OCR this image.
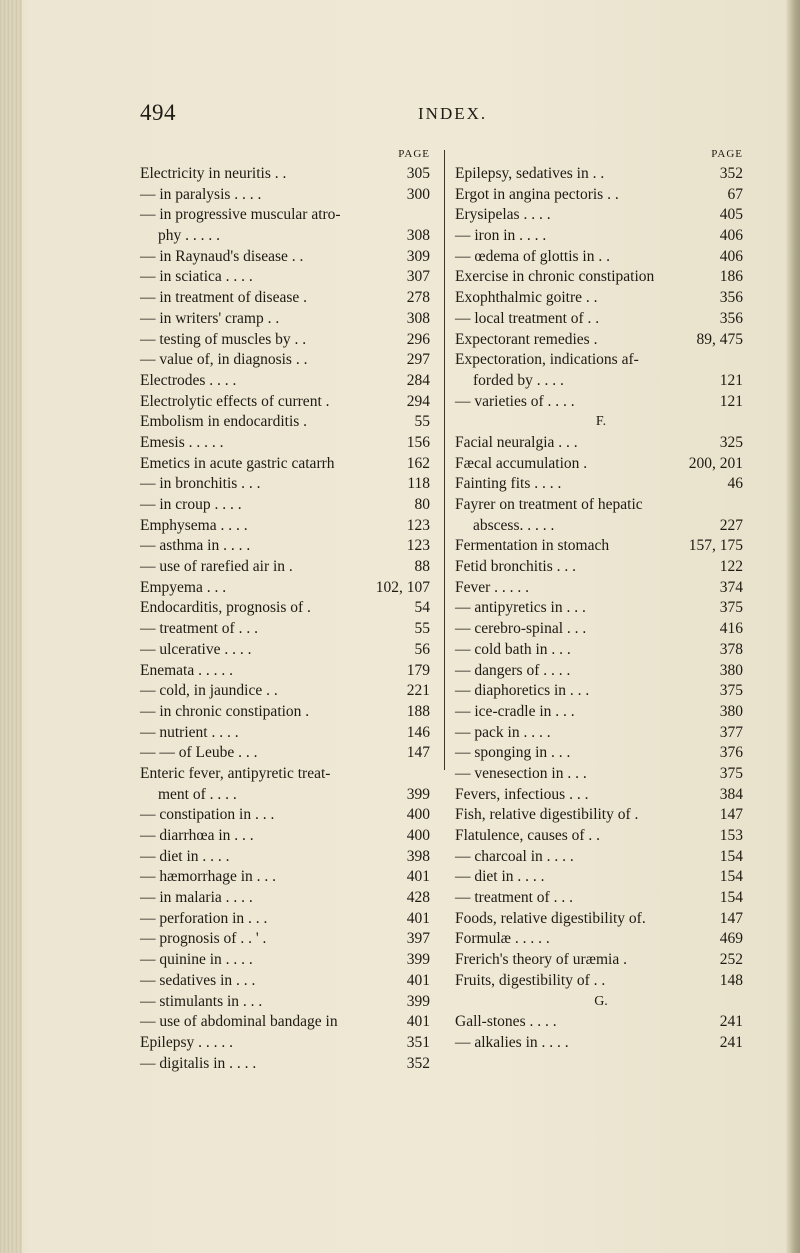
494	INDEX.
PAGE
Electricity in neuritis . .	305
— in paralysis . . . .	300
— in progressive muscular atro-
phy . . . . .	308
— in Raynaud's disease . .	309
— in sciatica . . . .	307
— in treatment of disease .	278
— in writers' cramp . .	308
— testing of muscles by . .	296
— value of, in diagnosis . .	297
Electrodes . . . .	284
Electrolytic effects of current .	294
Embolism in endocarditis .	55
Emesis . . . . .	156
Emetics in acute gastric catarrh	162
— in bronchitis . . .	118
— in croup . . . .	80
Emphysema . . . .	123
— asthma in . . . .	123
— use of rarefied air in .	88
Empyema . . .	102, 107
Endocarditis, prognosis of .	54
— treatment of . . .	55
— ulcerative . . . .	56
Enemata . . . . .	179
— cold, in jaundice . .	221
— in chronic constipation .	188
— nutrient . . . .	146
— — of Leube . . .	147
Enteric fever, antipyretic treat-
ment of . . . .	399
— constipation in . . .	400
— diarrhœa in . . .	400
— diet in . . . .	398
— hæmorrhage in . . .	401
— in malaria . . . .	428
— perforation in . . .	401
— prognosis of . . ' .	397
— quinine in . . . .	399
— sedatives in . . .	401
— stimulants in . . .	399
— use of abdominal bandage in	401
Epilepsy . . . . .	351
— digitalis in . . . .	352
PAGE
Epilepsy, sedatives in . .	352
Ergot in angina pectoris . .	67
Erysipelas . . . .	405
— iron in . . . .	406
— œdema of glottis in . .	406
Exercise in chronic constipation	186
Exophthalmic goitre . .	356
— local treatment of . .	356
Expectorant remedies .	89, 475
Expectoration, indications af-
forded by . . . .	121
— varieties of . . . .	121
F.
Facial neuralgia . . .	325
Fæcal accumulation .	200, 201
Fainting fits . . . .	46
Fayrer on treatment of hepatic
abscess. . . . .	227
Fermentation in stomach	157, 175
Fetid bronchitis . . .	122
Fever . . . . .	374
— antipyretics in . . .	375
— cerebro-spinal . . .	416
— cold bath in . . .	378
— dangers of . . . .	380
— diaphoretics in . . .	375
— ice-cradle in . . .	380
— pack in . . . .	377
— sponging in . . .	376
— venesection in . . .	375
Fevers, infectious . . .	384
Fish, relative digestibility of .	147
Flatulence, causes of . .	153
— charcoal in . . . .	154
— diet in . . . .	154
— treatment of . . .	154
Foods, relative digestibility of.	147
Formulæ . . . . .	469
Frerich's theory of uræmia .	252
Fruits, digestibility of . .	148
G.
Gall-stones . . . .	241
— alkalies in . . . .	241
